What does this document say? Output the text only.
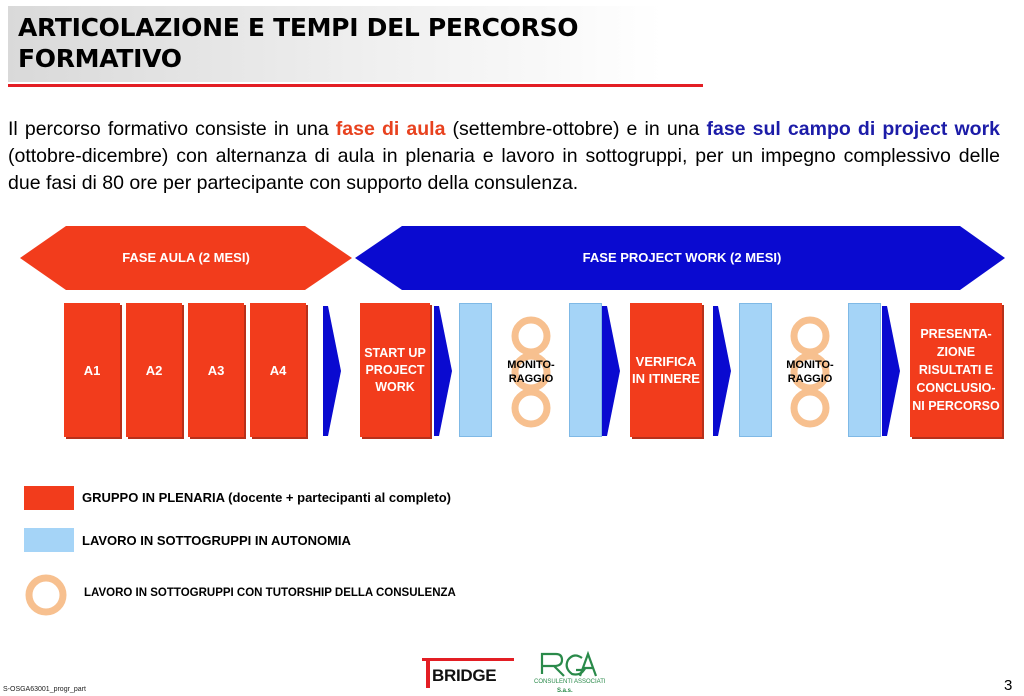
ARTICOLAZIONE E TEMPI DEL PERCORSO FORMATIVO
Il percorso formativo consiste in una fase di aula (settembre-ottobre) e in una fase sul campo di project work (ottobre-dicembre) con alternanza di aula in plenaria e lavoro in sottogruppi, per un impegno complessivo delle due fasi di 80 ore per partecipante con supporto della consulenza.
FASE AULA (2 MESI)	FASE PROJECT WORK (2 MESI)
A1	A2	A3	A4
START UP PROJECT WORK
MONITO-RAGGIO
MONITO-RAGGIO
VERIFICA IN ITINERE
PRESENTA-ZIONE RISULTATI E CONCLUSIO-NI PERCORSO
GRUPPO IN PLENARIA (docente + partecipanti al completo)
LAVORO IN SOTTOGRUPPI IN AUTONOMIA
LAVORO IN SOTTOGRUPPI CON TUTORSHIP DELLA CONSULENZA
S-OSGA63001_progr_part	3
BRIDGE	CONSULENTI ASSOCIATI
S.a.s.
